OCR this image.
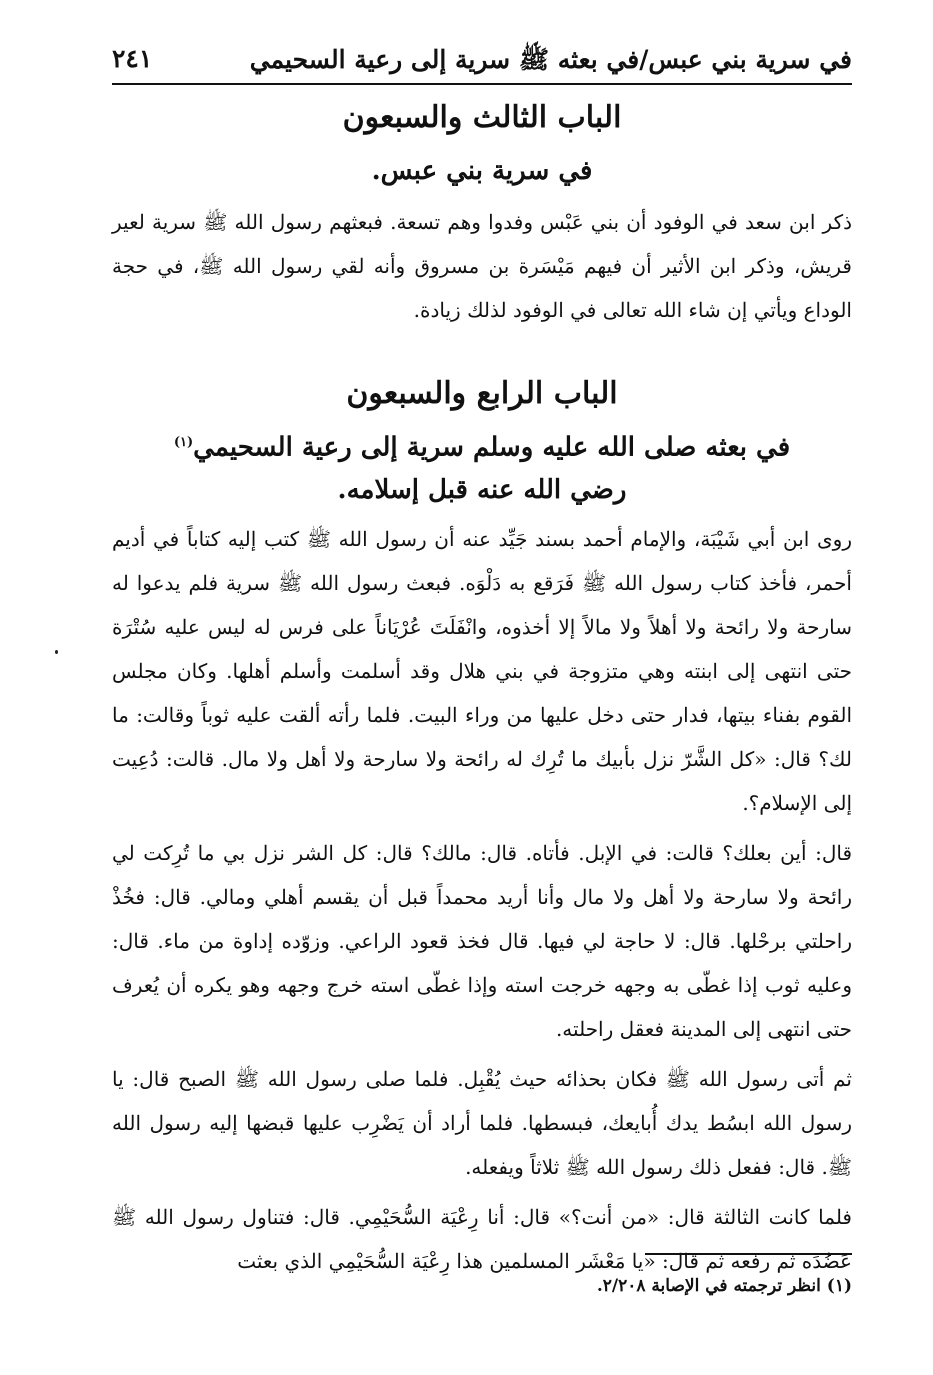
في سرية بني عبس/في بعثه ﷺ سرية إلى رعية السحيمي
٢٤١
الباب الثالث والسبعون
في سرية بني عبس.

ذكر ابن سعد في الوفود أن بني عَبْس وفدوا وهم تسعة. فبعثهم رسول الله ﷺ سرية لعير قريش، وذكر ابن الأثير أن فيهم مَيْسَرة بن مسروق وأنه لقي رسول الله ﷺ، في حجة الوداع ويأتي إن شاء الله تعالى في الوفود لذلك زيادة.

الباب الرابع والسبعون
في بعثه صلى الله عليه وسلم سرية إلى رعية السحيمي$^{(١)}$
رضي الله عنه قبل إسلامه.

روى ابن أبي شَيْبَة، والإمام أحمد بسند جَيِّد عنه أن رسول الله ﷺ كتب إليه كتاباً في أديم أحمر، فأخذ كتاب رسول الله ﷺ فَرَقع به دَلْوَه. فبعث رسول الله ﷺ سرية فلم يدعوا له سارحة ولا رائحة ولا أهلاً ولا مالاً إلا أخذوه، وانْفَلَتَ عُرْيَاناً على فرس له ليس عليه سُتْرَة حتى انتهى إلى ابنته وهي متزوجة في بني هلال وقد أسلمت وأسلم أهلها. وكان مجلس القوم بفناء بيتها، فدار حتى دخل عليها من وراء البيت. فلما رأته ألقت عليه ثوباً وقالت: ما لك؟ قال: «كل الشَّرّ نزل بأبيك ما تُرِك له رائحة ولا سارحة ولا أهل ولا مال. قالت: دُعِيت إلى الإسلام؟.

قال: أين بعلك؟ قالت: في الإبل. فأتاه. قال: مالك؟ قال: كل الشر نزل بي ما تُرِكت لي رائحة ولا سارحة ولا أهل ولا مال وأنا أريد محمداً قبل أن يقسم أهلي ومالي. قال: فخُذْ راحلتي برحْلها. قال: لا حاجة لي فيها. قال فخذ قعود الراعي. وزوّده إداوة من ماء. قال: وعليه ثوب إذا غطّى به وجهه خرجت استه وإذا غطّى استه خرج وجهه وهو يكره أن يُعرف حتى انتهى إلى المدينة فعقل راحلته.

ثم أتى رسول الله ﷺ فكان بحذائه حيث يُقْبِل. فلما صلى رسول الله ﷺ الصبح قال: يا رسول الله ابسُط يدك أُبايعك، فبسطها. فلما أراد أن يَضْرِب عليها قبضها إليه رسول الله ﷺ. قال: ففعل ذلك رسول الله ﷺ ثلاثاً ويفعله.

فلما كانت الثالثة قال: «من أنت؟» قال: أنا رِعْيَة السُّحَيْمِي. قال: فتناول رسول الله ﷺ عَضُدَه ثم رفعه ثم قال: «يا مَعْشَر المسلمين هذا رِعْيَة السُّحَيْمِي الذي بعثت

(١) انظر ترجمته في الإصابة ٢/٢٠٨.
